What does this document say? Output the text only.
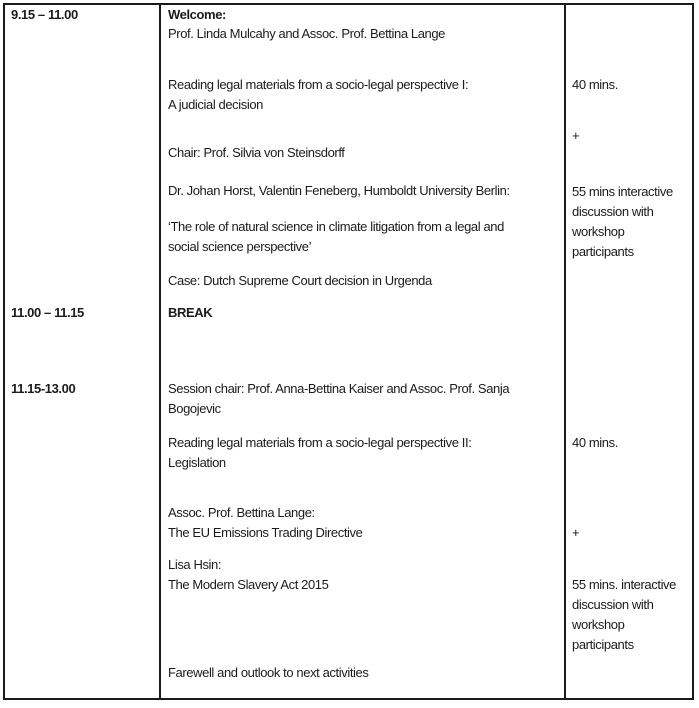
9.15 – 11.00
11.00 – 11.15
11.15-13.00
Welcome:
Prof. Linda Mulcahy and Assoc. Prof. Bettina Lange
Reading legal materials from a socio-legal perspective I:
A judicial decision
Chair: Prof. Silvia von Steinsdorff
Dr. Johan Horst, Valentin Feneberg, Humboldt University Berlin:
‘The role of natural science in climate litigation from a legal and
social science perspective’
Case: Dutch Supreme Court decision in Urgenda
BREAK
Session chair: Prof. Anna-Bettina Kaiser and Assoc. Prof. Sanja
Bogojevic
Reading legal materials from a socio-legal perspective II:
Legislation
Assoc. Prof. Bettina Lange:
The EU Emissions Trading Directive
Lisa Hsin:
The Modern Slavery Act 2015
Farewell and outlook to next activities
40 mins.
+
55 mins interactive
discussion with
workshop
participants
40 mins.
+
55 mins. interactive
discussion with
workshop
participants
